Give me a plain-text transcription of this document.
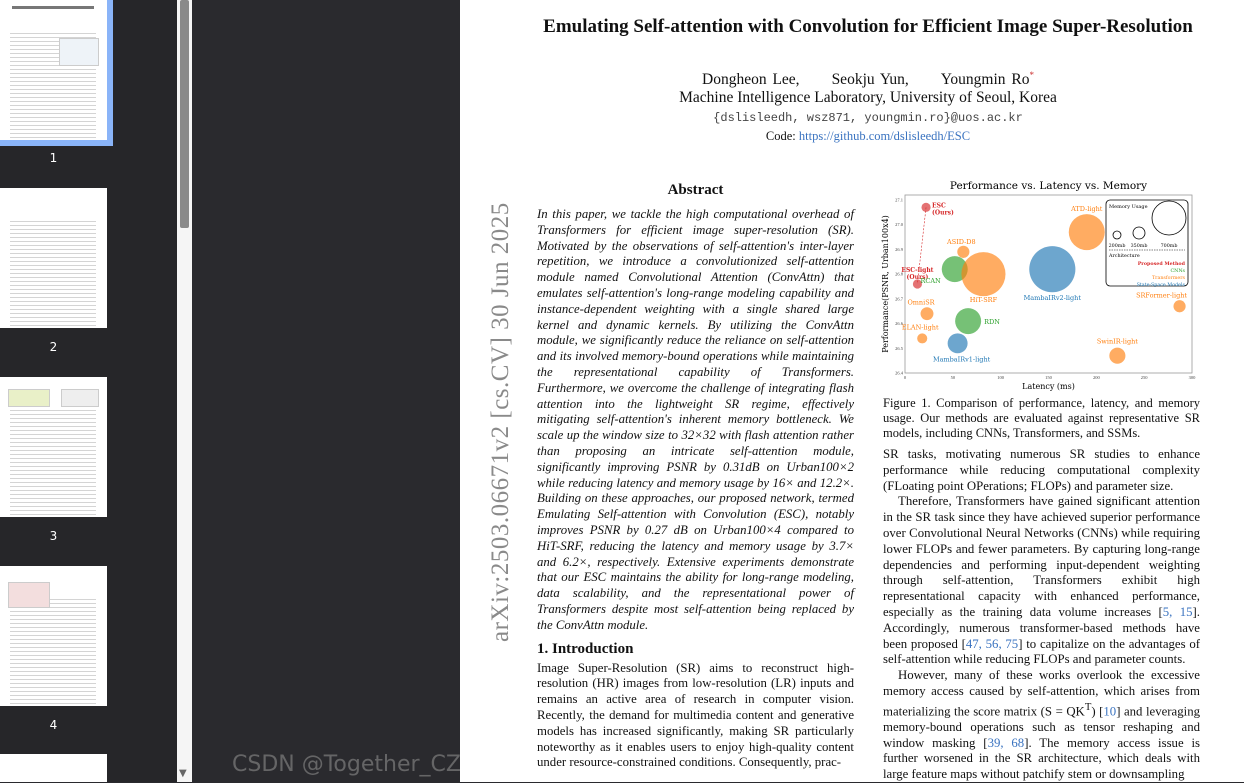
1
2
3
4
▼
Emulating Self-attention with Convolution for Efficient Image Super-Resolution
Dongheon Lee, Seokju Yun, Youngmin Ro*
Machine Intelligence Laboratory, University of Seoul, Korea
{dslisleedh, wsz871, youngmin.ro}@uos.ac.kr
Code: https://github.com/dslisleedh/ESC
arXiv:2503.06671v2 [cs.CV] 30 Jun 2025
Abstract

In this paper, we tackle the high computational overhead of Transformers for efficient image super-resolution (SR). Motivated by the observations of self-attention's inter-layer repetition, we introduce a convolutionized self-attention module named Convolutional Attention (ConvAttn) that emulates self-attention's long-range modeling capability and instance-dependent weighting with a single shared large kernel and dynamic kernels. By utilizing the ConvAttn module, we significantly reduce the reliance on self-attention and its involved memory-bound operations while maintaining the representational capability of Transformers. Furthermore, we overcome the challenge of integrating flash attention into the lightweight SR regime, effectively mitigating self-attention's inherent memory bottleneck. We scale up the window size to 32×32 with flash attention rather than proposing an intricate self-attention module, significantly improving PSNR by 0.31dB on Urban100×2 while reducing latency and memory usage by 16× and 12.2×. Building on these approaches, our proposed network, termed Emulating Self-attention with Convolution (ESC), notably improves PSNR by 0.27 dB on Urban100×4 compared to HiT-SRF, reducing the latency and memory usage by 3.7× and 6.2×, respectively. Extensive experiments demonstrate that our ESC maintains the ability for long-range modeling, data scalability, and the representational power of Transformers despite most self-attention being replaced by the ConvAttn module.

1. Introduction

Image Super-Resolution (SR) aims to reconstruct high-resolution (HR) images from low-resolution (LR) inputs and remains an active area of research in computer vision. Recently, the demand for multimedia content and generative models has increased significantly, making SR particularly noteworthy as it enables users to enjoy high-quality content under resource-constrained conditions. Consequently, prac-

Performance vs. Latency vs. Memory
0	50	100	150	200	250	300
26.4
26.5
26.6
26.7
26.8
26.9
27.0
27.1
Latency (ms)
Performance(PSNR, Urban100x4)
ESC
(Ours)
ESC-light
(Ours)
ASID-D8
RCAN
HiT-SRF	MambaIRv2-light
ATD-light
SRFormer-light
OmniSR
RDN
ELAN-light
MambaIRv1-light
SwinIR-light
Memory Usage
200mb 350mb	700mb
Architecture
Proposed Method
CNNs
Transformers
State-Space Models

Figure 1. Comparison of performance, latency, and memory usage. Our methods are evaluated against representative SR models, including CNNs, Transformers, and SSMs.

SR tasks, motivating numerous SR studies to enhance performance while reducing computational complexity (FLoating point OPerations; FLOPs) and parameter size.

Therefore, Transformers have gained significant attention in the SR task since they have achieved superior performance over Convolutional Neural Networks (CNNs) while requiring lower FLOPs and fewer parameters. By capturing long-range dependencies and performing input-dependent weighting through self-attention, Transformers exhibit high representational capacity with enhanced performance, especially as the training data volume increases [5, 15]. Accordingly, numerous transformer-based methods have been proposed [47, 56, 75] to capitalize on the advantages of self-attention while reducing FLOPs and parameter counts.

However, many of these works overlook the excessive memory access caused by self-attention, which arises from materializing the score matrix $(S = QK^T)$ [10] and leveraging memory-bound operations such as tensor reshaping and window masking [39, 68]. The memory access issue is further worsened in the SR architecture, which deals with large feature maps without patchify stem or downsampling

CSDN @Together_CZ
